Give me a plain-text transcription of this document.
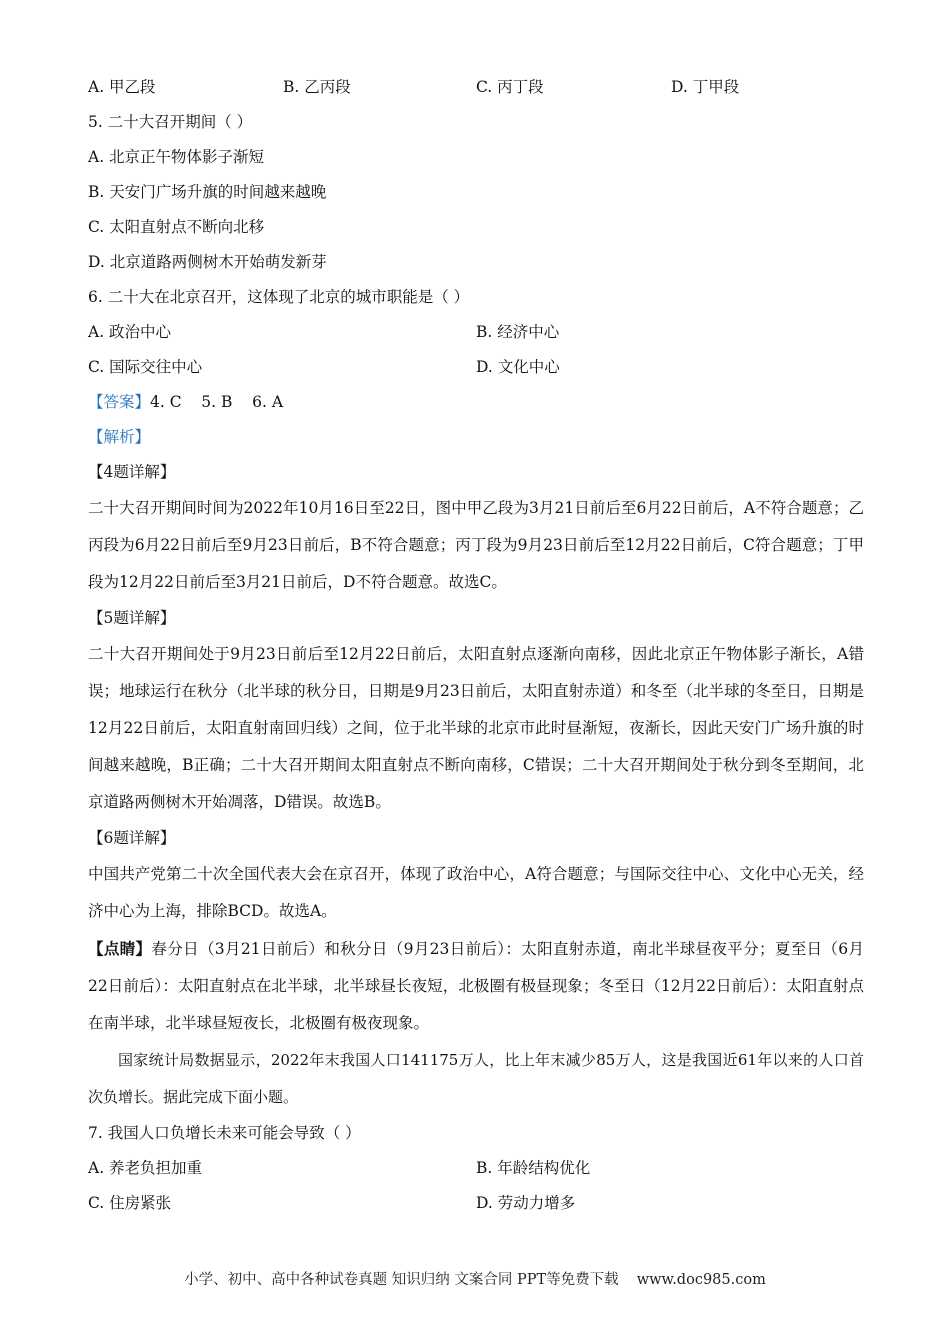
A. 甲乙段	B. 乙丙段	C. 丙丁段	D. 丁甲段
5. 二十大召开期间（ ）
A. 北京正午物体影子渐短
B. 天安门广场升旗的时间越来越晚
C. 太阳直射点不断向北移
D. 北京道路两侧树木开始萌发新芽
6. 二十大在北京召开，这体现了北京的城市职能是（ ）
A. 政治中心	B. 经济中心
C. 国际交往中心	D. 文化中心
【答案】4. C    5. B    6. A
【解析】
【4题详解】
二十大召开期间时间为2022年10月16日至22日，图中甲乙段为3月21日前后至6月22日前后，A不符合题意；乙丙段为6月22日前后至9月23日前后，B不符合题意；丙丁段为9月23日前后至12月22日前后，C符合题意；丁甲段为12月22日前后至3月21日前后，D不符合题意。故选C。
【5题详解】
二十大召开期间处于9月23日前后至12月22日前后，太阳直射点逐渐向南移，因此北京正午物体影子渐长，A错误；地球运行在秋分（北半球的秋分日，日期是9月23日前后，太阳直射赤道）和冬至（北半球的冬至日，日期是12月22日前后，太阳直射南回归线）之间，位于北半球的北京市此时昼渐短，夜渐长，因此天安门广场升旗的时间越来越晚，B正确；二十大召开期间太阳直射点不断向南移，C错误；二十大召开期间处于秋分到冬至期间，北京道路两侧树木开始凋落，D错误。故选B。
【6题详解】
中国共产党第二十次全国代表大会在京召开，体现了政治中心，A符合题意；与国际交往中心、文化中心无关，经济中心为上海，排除BCD。故选A。
【点睛】春分日（3月21日前后）和秋分日（9月23日前后）：太阳直射赤道，南北半球昼夜平分；夏至日（6月22日前后）：太阳直射点在北半球，北半球昼长夜短，北极圈有极昼现象；冬至日（12月22日前后）：太阳直射点在南半球，北半球昼短夜长，北极圈有极夜现象。
国家统计局数据显示，2022年末我国人口141175万人，比上年末减少85万人，这是我国近61年以来的人口首次负增长。据此完成下面小题。
7. 我国人口负增长未来可能会导致（ ）
A. 养老负担加重	B. 年龄结构优化
C. 住房紧张	D. 劳动力增多
小学、初中、高中各种试卷真题 知识归纳 文案合同 PPT等免费下载 www.doc985.com
